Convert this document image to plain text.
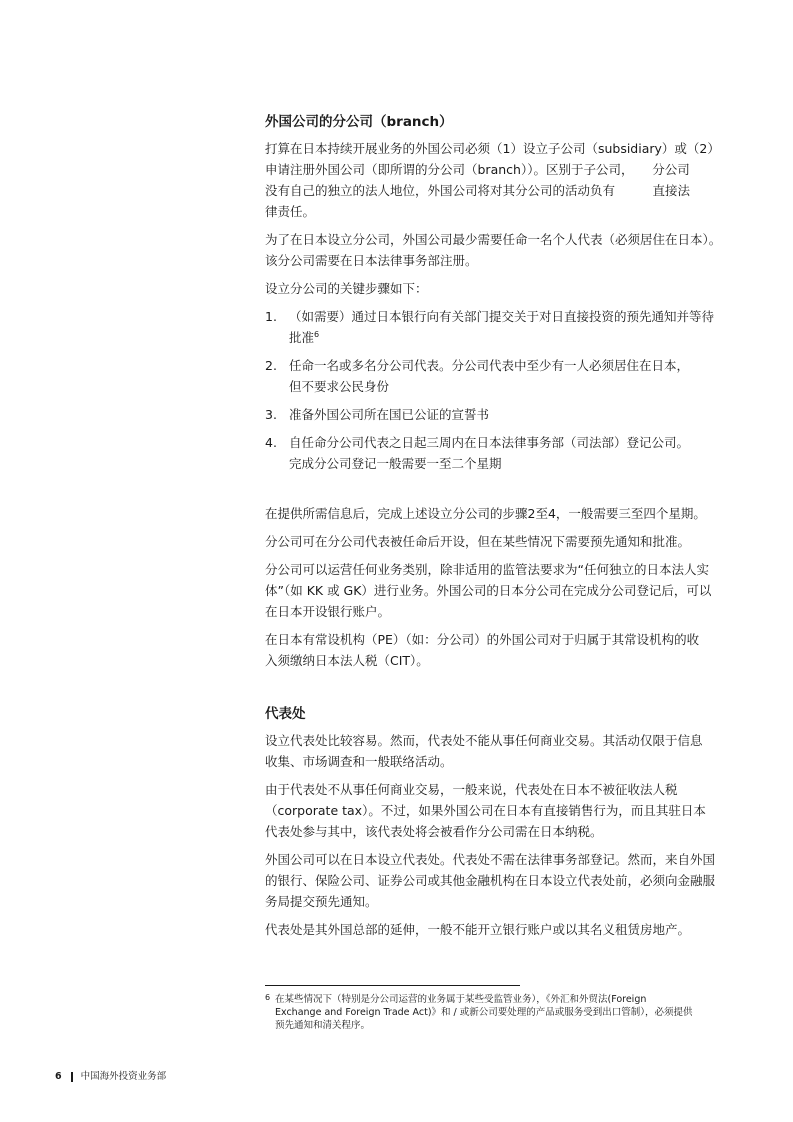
外国公司的分公司（branch）
打算在日本持续开展业务的外国公司必须（1）设立子公司（subsidiary）或（2）
申请注册外国公司（即所谓的分公司（branch））。区别于子公司，　　分公司
没有自己的独立的法人地位，外国公司将对其分公司的活动负有　　　直接法
律责任。
为了在日本设立分公司，外国公司最少需要任命一名个人代表（必须居住在日本）。
该分公司需要在日本法律事务部注册。
设立分公司的关键步骤如下：
1. （如需要）通过日本银行向有关部门提交关于对日直接投资的预先通知并等待
批准$^6$
2. 任命一名或多名分公司代表。分公司代表中至少有一人必须居住在日本，
但不要求公民身份
3. 准备外国公司所在国已公证的宣誓书
4. 自任命分公司代表之日起三周内在日本法律事务部（司法部）登记公司。
完成分公司登记一般需要一至二个星期
在提供所需信息后，完成上述设立分公司的步骤2至4，一般需要三至四个星期。
分公司可在分公司代表被任命后开设，但在某些情况下需要预先通知和批准。
分公司可以运营任何业务类别，除非适用的监管法要求为“任何独立的日本法人实
体”（如 KK 或 GK）进行业务。外国公司的日本分公司在完成分公司登记后，可以
在日本开设银行账户。
在日本有常设机构（PE）（如：分公司）的外国公司对于归属于其常设机构的收
入须缴纳日本法人税（CIT）。
代表处
设立代表处比较容易。然而，代表处不能从事任何商业交易。其活动仅限于信息
收集、市场调查和一般联络活动。
由于代表处不从事任何商业交易，一般来说，代表处在日本不被征收法人税
（corporate tax）。不过，如果外国公司在日本有直接销售行为，而且其驻日本
代表处参与其中，该代表处将会被看作分公司需在日本纳税。
外国公司可以在日本设立代表处。代表处不需在法律事务部登记。然而，来自外国
的银行、保险公司、证券公司或其他金融机构在日本设立代表处前，必须向金融服
务局提交预先通知。
代表处是其外国总部的延伸，一般不能开立银行账户或以其名义租赁房地产。
6 在某些情况下（特别是分公司运营的业务属于某些受监管业务），《外汇和外贸法(Foreign
Exchange and Foreign Trade Act)》和 / 或新公司要处理的产品或服务受到出口管制），必须提供
预先通知和清关程序。
6 中国海外投资业务部
